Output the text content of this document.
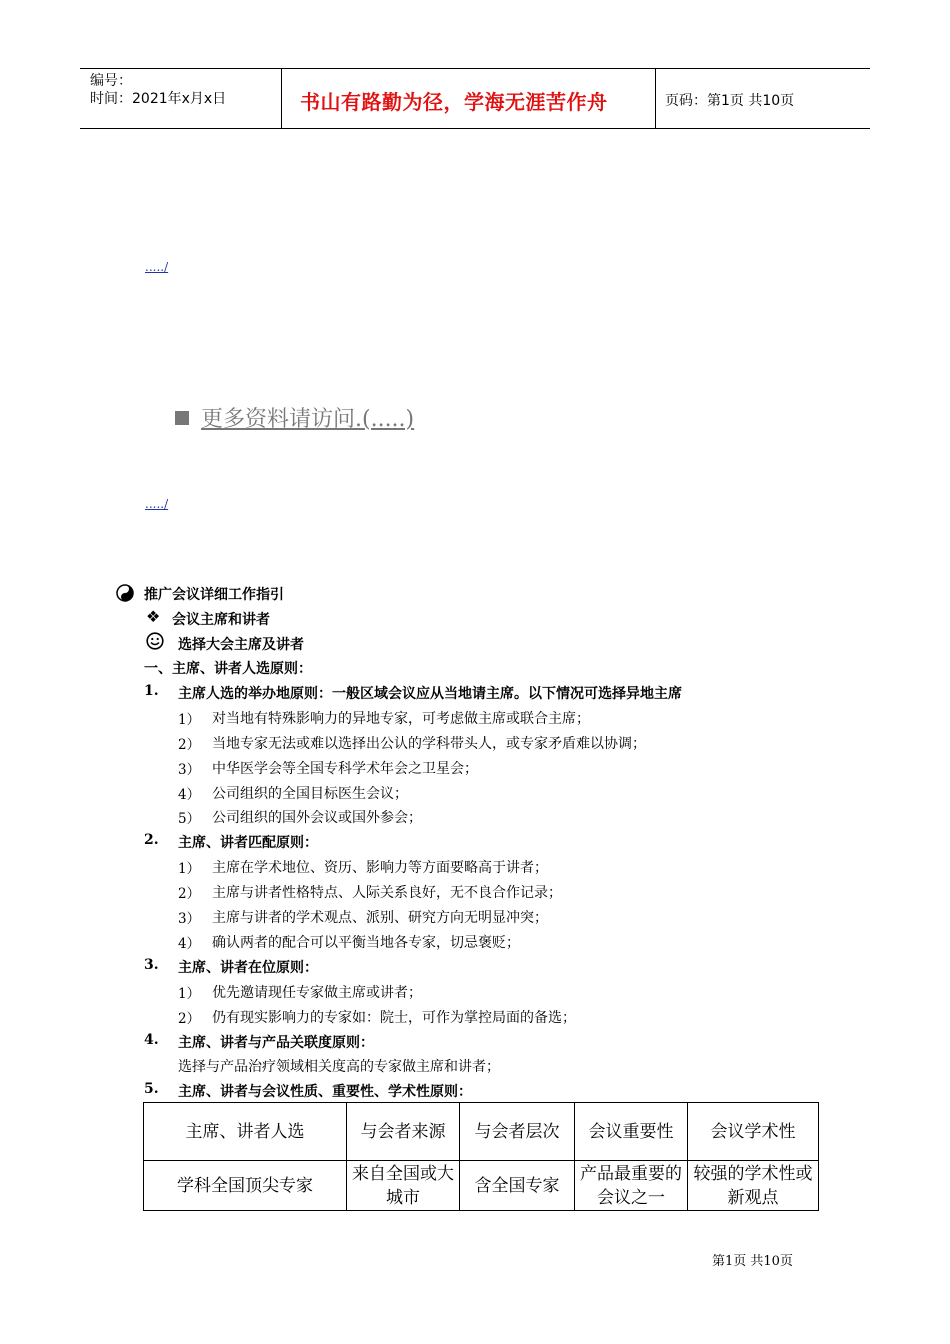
编号：
时间：2021年x月x日	书山有路勤为径，学海无涯苦作舟	页码：第1页 共10页
...../
更多资料请访问.(.....)
...../
推广会议详细工作指引
❖ 会议主席和讲者
选择大会主席及讲者
一、主席、讲者人选原则：
1. 主席人选的举办地原则：一般区域会议应从当地请主席。以下情况可选择异地主席
1） 对当地有特殊影响力的异地专家，可考虑做主席或联合主席；
2） 当地专家无法或难以选择出公认的学科带头人，或专家矛盾难以协调；
3） 中华医学会等全国专科学术年会之卫星会；
4） 公司组织的全国目标医生会议；
5） 公司组织的国外会议或国外参会；
2. 主席、讲者匹配原则：
1） 主席在学术地位、资历、影响力等方面要略高于讲者；
2） 主席与讲者性格特点、人际关系良好，无不良合作记录；
3） 主席与讲者的学术观点、派别、研究方向无明显冲突；
4） 确认两者的配合可以平衡当地各专家，切忌褒贬；
3. 主席、讲者在位原则：
1） 优先邀请现任专家做主席或讲者；
2） 仍有现实影响力的专家如：院士，可作为掌控局面的备选；
4. 主席、讲者与产品关联度原则：
选择与产品治疗领域相关度高的专家做主席和讲者；
5. 主席、讲者与会议性质、重要性、学术性原则：
主席、讲者人选	与会者来源	与会者层次	会议重要性	会议学术性
学科全国顶尖专家	来自全国或大城市	含全国专家	产品最重要的会议之一	较强的学术性或新观点
第1页 共10页
